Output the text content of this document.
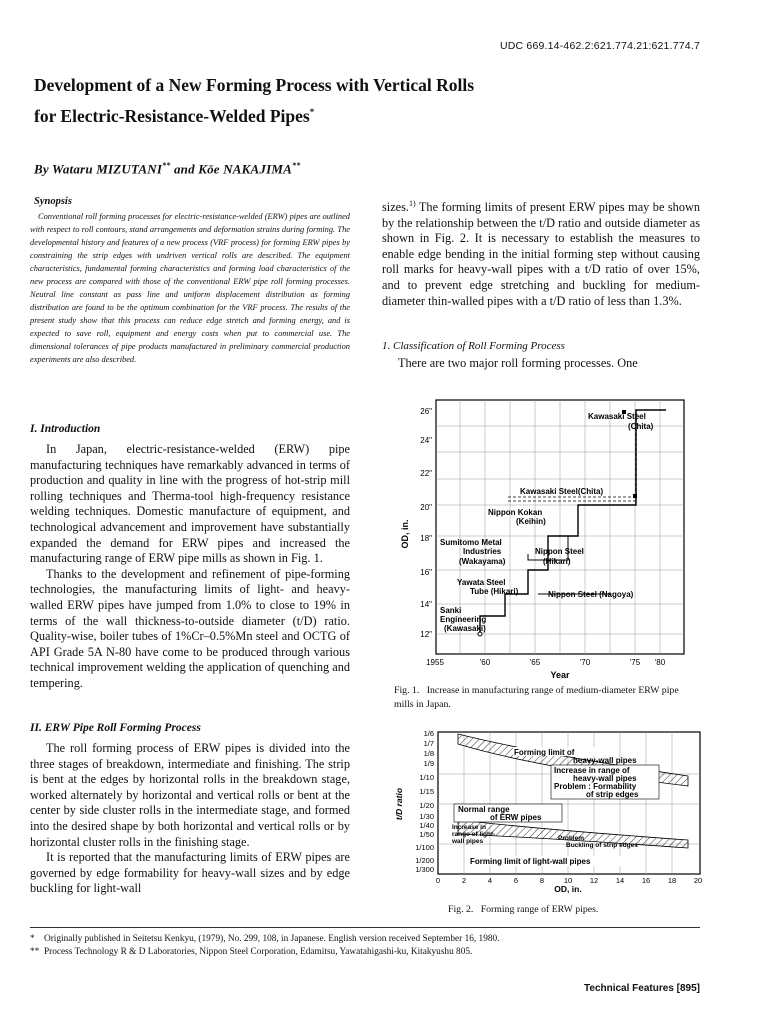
UDC 669.14-462.2:621.774.21:621.774.7
Development of a New Forming Process with Vertical Rolls
for Electric-Resistance-Welded Pipes*
By Wataru MIZUTANI** and Kōe NAKAJIMA**
Synopsis
Conventional roll forming processes for electric-resistance-welded (ERW) pipes are outlined with respect to roll contours, stand arrangements and deformation strains during forming. The developmental history and features of a new process (VRF process) for forming ERW pipes by constraining the strip edges with undriven vertical rolls are described. The equipment characteristics, fundamental forming characteristics and forming load characteristics of the new process are compared with those of the conventional ERW pipe roll forming processes. Neutral line constant as pass line and uniform displacement distribution as forming distribution are found to be the optimum combination for the VRF process. The results of the present study show that this process can reduce edge stretch and forming energy, and is expected to save roll, equipment and energy costs when put to commercial use. The dimensional tolerances of pipe products manufactured in preliminary commercial production experiments are also described.
I. Introduction

In Japan, electric-resistance-welded (ERW) pipe manufacturing techniques have remarkably advanced in terms of production and quality in line with the progress of hot-strip mill rolling techniques and Therma-tool high-frequency resistance welding techniques. Domestic manufacture of equipment, and technological advancement and improvement have substantially expanded the demand for ERW pipes and increased the manufacturing range of ERW pipe mills as shown in Fig. 1.

Thanks to the development and refinement of pipe-forming technologies, the manufacturing limits of light- and heavy-walled ERW pipes have jumped from 1.0% to close to 19% in terms of the wall thickness-to-outside diameter (t/D) ratio. Quality-wise, boiler tubes of 1%Cr–0.5%Mn steel and OCTG of API Grade 5A N-80 have come to be produced through various technical improvement welding the application of quenching and tempering.

II. ERW Pipe Roll Forming Process

The roll forming process of ERW pipes is divided into the three stages of breakdown, intermediate and finishing. The strip is bent at the edges by horizontal rolls in the breakdown stage, worked alternately by horizontal and vertical rolls or bent at the center by side cluster rolls in the intermediate stage, and formed into the desired shape by both horizontal and vertical rolls or by horizontal cluster rolls in the finishing stage.

It is reported that the manufacturing limits of ERW pipes are governed by edge formability for heavy-wall sizes and by edge buckling for light-wall

sizes.$^{1)}$ The forming limits of present ERW pipes may be shown by the relationship between the t/D ratio and outside diameter as shown in Fig. 2. It is necessary to establish the measures to enable edge bending in the initial forming step without causing roll marks for heavy-wall pipes with a t/D ratio of over 15%, and to prevent edge stretching and buckling for medium-diameter thin-walled pipes with a t/D ratio of less than 1.3%.

1. Classification of Roll Forming Process

There are two major roll forming processes. One

26"
24"
22"
20"
18"
16"
14"
12"
OD, in.
1955	'60	'65	'70	'75 '80
Year
Kawasaki Steel
(Chita)
Kawasaki Steel(Chita)
Nippon Kokan
(Keihin)
Sumitomo Metal
Industries
(Wakayama)
Nippon Steel
(Hikari)
Yawata Steel
Tube (Hikari)	Nippon Steel (Nagoya)
Sanki
Engineering
(Kawasaki)
Fig. 1. Increase in manufacturing range of medium-diameter ERW pipe mills in Japan.
1/6
1/7
1/8
1/9
1/10
1/15
1/20
1/30
1/40
1/50
1/100
1/200
1/300
t/D ratio
0	2	4	6	8	10 12 14 16 18 20
OD, in.
Forming limit of
heavy-wall pipes
Increase in range of
heavy-wall pipes
Problem : Formability
of strip edges
Normal range
of ERW pipes
Increase in
range of light-
wall pipes	Problem
Buckling of strip edges
Forming limit of light-wall pipes
Fig. 2. Forming range of ERW pipes.
* Originally published in Seitetsu Kenkyu, (1979), No. 299, 108, in Japanese. English version received September 16, 1980.
** Process Technology R & D Laboratories, Nippon Steel Corporation, Edamitsu, Yawatahigashi-ku, Kitakyushu 805.
Technical Features [895]
